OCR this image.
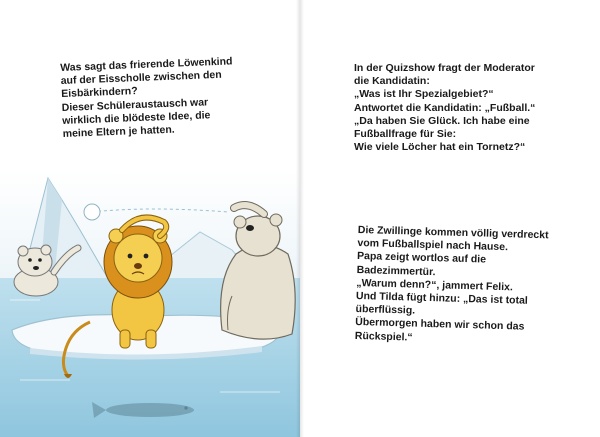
Was sagt das frierende Löwenkind
auf der Eisscholle zwischen den
Eisbärkindern?
Dieser Schüleraustausch war
wirklich die blödeste Idee, die
meine Eltern je hatten.

In der Quizshow fragt der Moderator
die Kandidatin:
„Was ist Ihr Spezialgebiet?“
Antwortet die Kandidatin: „Fußball.“
„Da haben Sie Glück. Ich habe eine
Fußballfrage für Sie:
Wie viele Löcher hat ein Tornetz?“

Die Zwillinge kommen völlig verdreckt
vom Fußballspiel nach Hause.
Papa zeigt wortlos auf die
Badezimmertür.
„Warum denn?“, jammert Felix.
Und Tilda fügt hinzu: „Das ist total
überflüssig.
Übermorgen haben wir schon das
Rückspiel.“
